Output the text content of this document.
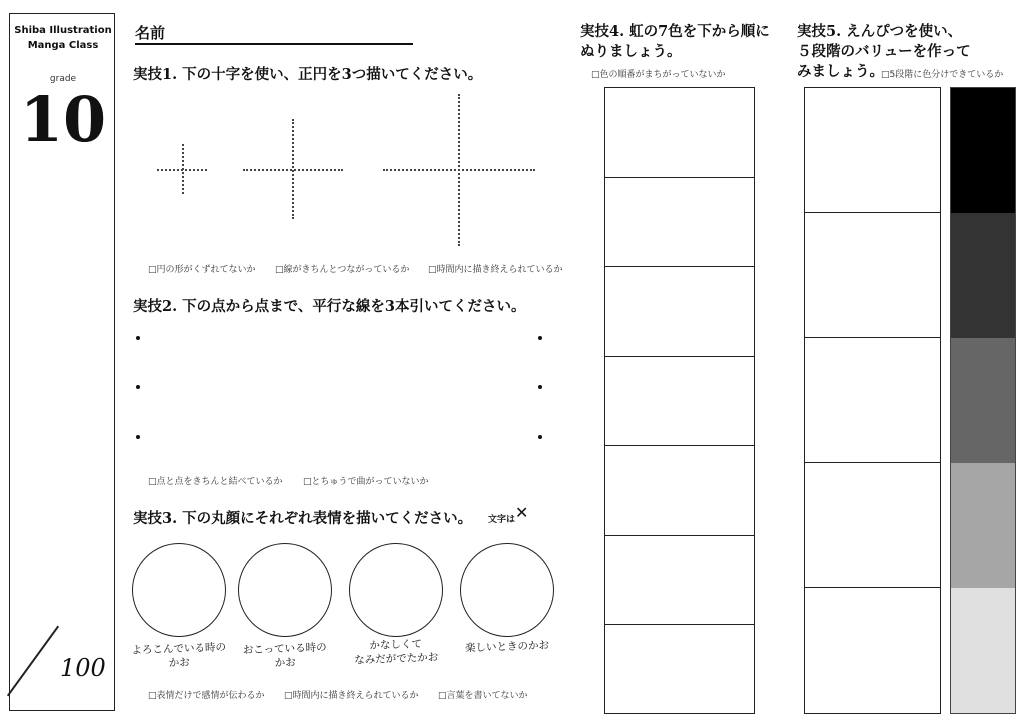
Shiba Illustration Manga Class
grade
10
100
名前
実技1. 下の十字を使い、正円を3つ描いてください。
□円の形がくずれてないか □線がきちんとつながっているか □時間内に描き終えられているか
実技2. 下の点から点まで、平行な線を3本引いてください。
□点と点をきちんと結べているか □とちゅうで曲がっていないか
実技3. 下の丸顔にそれぞれ表情を描いてください。 文字は ✕
よろこんでいる時の
かお
おこっている時の
かお
かなしくて
なみだがでたかお
楽しいときのかお
□表情だけで感情が伝わるか □時間内に描き終えられているか □言葉を書いてないか
実技4. 虹の7色を下から順に
ぬりましょう。
□色の順番がまちがっていないか
実技5. えんぴつを使い、
５段階のバリューを作って
みましょう。
□5段階に色分けできているか
